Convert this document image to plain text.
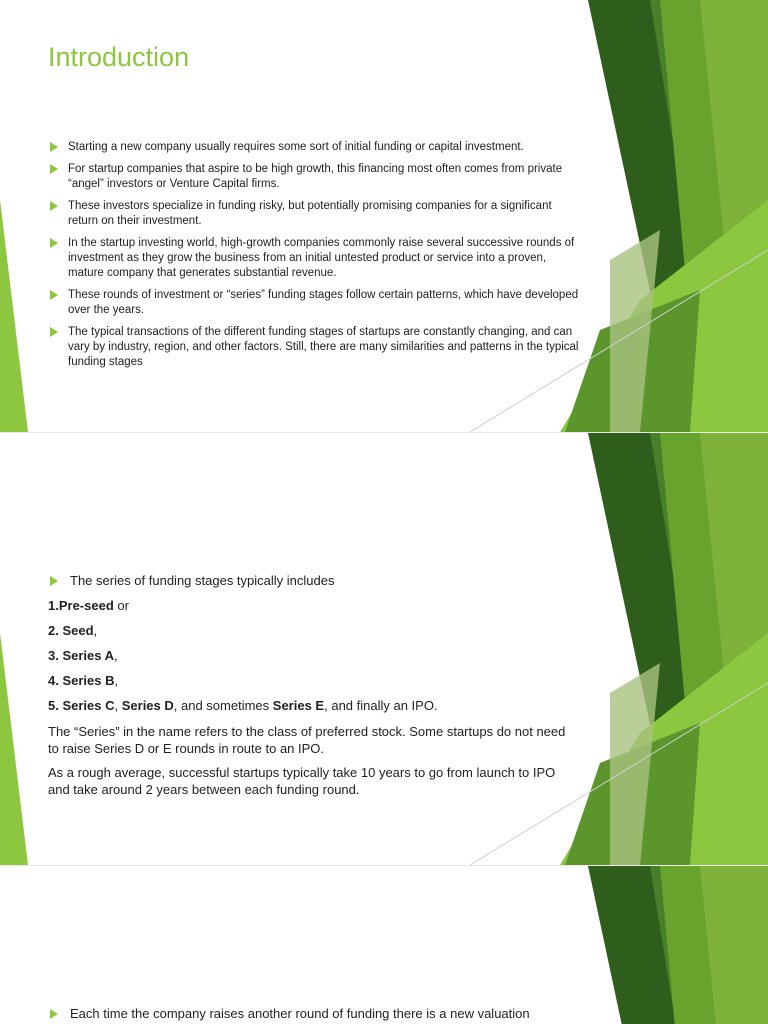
Introduction
Starting a new company usually requires some sort of initial funding or capital investment.
For startup companies that aspire to be high growth, this financing most often comes from private “angel” investors or Venture Capital firms.
These investors specialize in funding risky, but potentially promising companies for a significant return on their investment.
In the startup investing world, high-growth companies commonly raise several successive rounds of investment as they grow the business from an initial untested product or service into a proven, mature company that generates substantial revenue.
These rounds of investment or “series” funding stages follow certain patterns, which have developed over the years.
The typical transactions of the different funding stages of startups are constantly changing, and can vary by industry, region, and other factors. Still, there are many similarities and patterns in the typical funding stages
The series of funding stages typically includes
1.Pre-seed or
2. Seed,
3. Series A,
4. Series B,
5. Series C, Series D, and sometimes Series E, and finally an IPO.
The “Series” in the name refers to the class of preferred stock. Some startups do not need to raise Series D or E rounds in route to an IPO.
As a rough average, successful startups typically take 10 years to go from launch to IPO and take around 2 years between each funding round.
Each time the company raises another round of funding there is a new valuation
